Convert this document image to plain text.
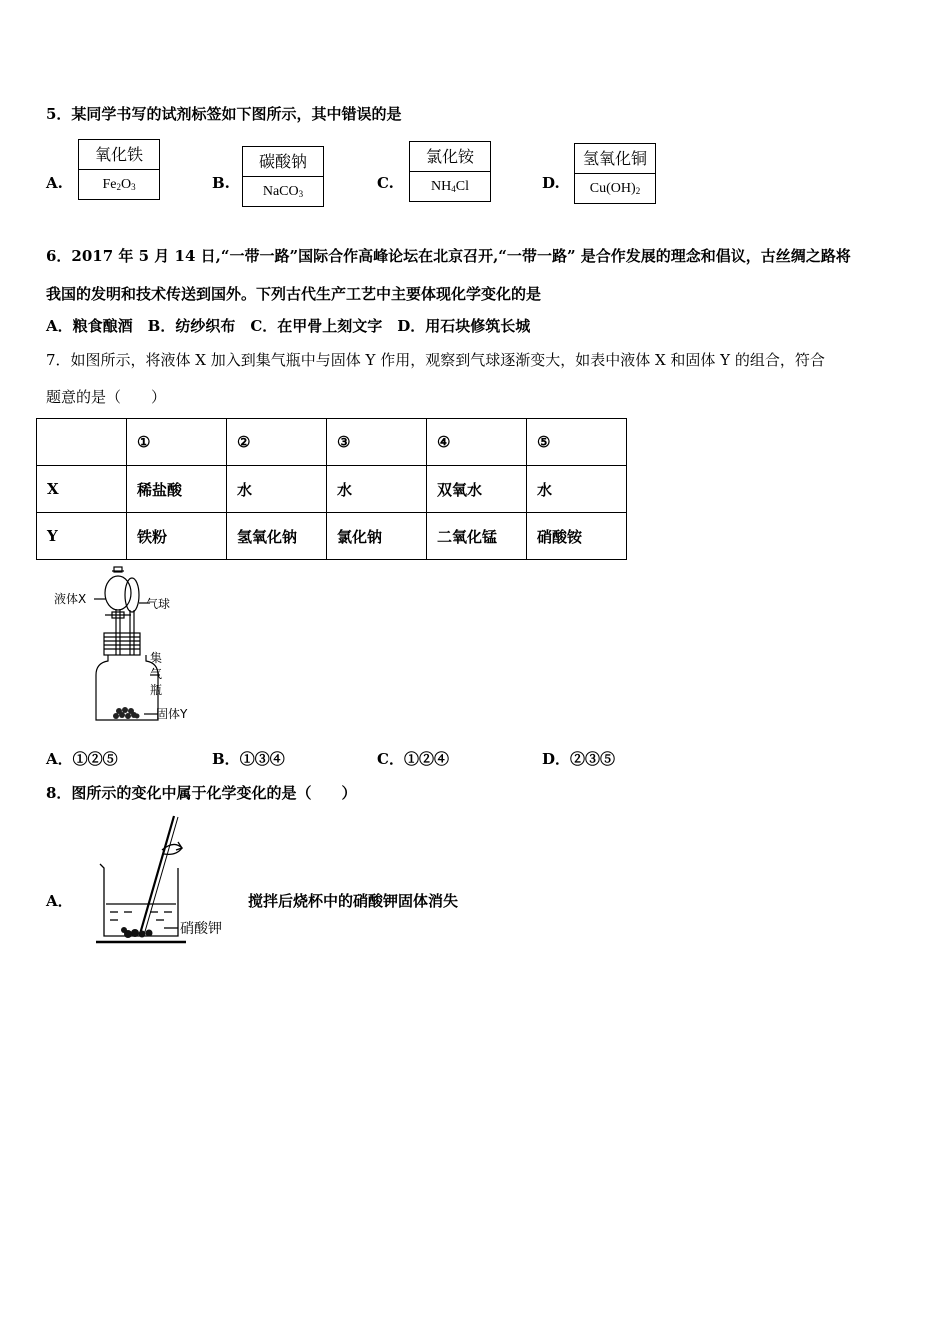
5．某同学书写的试剂标签如下图所示，其中错误的是
A.
氧化铁
$Fe_2O_3$	B.
碳酸钠
NaCO$_3$
C.
氯化铵
$NH_4Cl$	D.
氢氧化铜
$Cu(OH)_2$
6．2017 年 5 月 14 日,“一带一路”国际合作高峰论坛在北京召开,“一带一路” 是合作发展的理念和倡议，古丝绸之路将
我国的发明和技术传送到国外。下列古代生产工艺中主要体现化学变化的是
A．粮食酿酒　B．纺纱织布　C．在甲骨上刻文字　D．用石块修筑长城
7．如图所示，将液体 X 加入到集气瓶中与固体 Y 作用，观察到气球逐渐变大，如表中液体 X 和固体 Y 的组合，符合
题意的是（　　）
	①	②	③	④	⑤
X	稀盐酸	水	水	双氧水	水
Y	铁粉	氢氧化钠	氯化钠	二氧化锰	硝酸铵
液体X	气球
集
气
瓶
固体Y
A．①②⑤	B．①③④	C．①②④	D．②③⑤
8．图所示的变化中属于化学变化的是（　　）
A．
硝酸钾
搅拌后烧杯中的硝酸钾固体消失
